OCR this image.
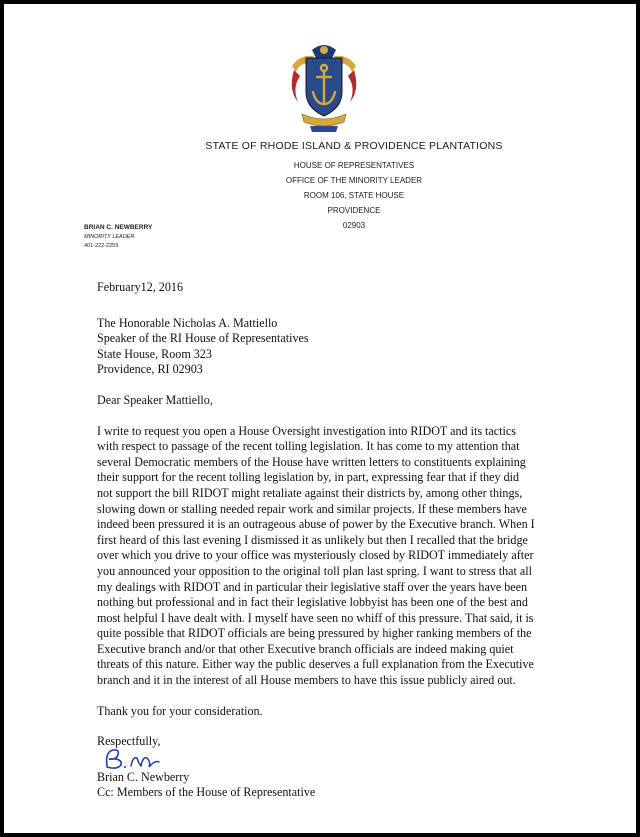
STATE OF RHODE ISLAND & PROVIDENCE PLANTATIONS
HOUSE OF REPRESENTATIVES
OFFICE OF THE MINORITY LEADER
ROOM 106, STATE HOUSE
PROVIDENCE
02903
BRIAN C. NEWBERRY
MINORITY LEADER
401-222-2259
February12, 2016
The Honorable Nicholas A. Mattiello
Speaker of the RI House of Representatives
State House, Room 323
Providence, RI 02903
Dear Speaker Mattiello,
I write to request you open a House Oversight investigation into RIDOT and its tactics with respect to passage of the recent tolling legislation. It has come to my attention that several Democratic members of the House have written letters to constituents explaining their support for the recent tolling legislation by, in part, expressing fear that if they did not support the bill RIDOT might retaliate against their districts by, among other things, slowing down or stalling needed repair work and similar projects. If these members have indeed been pressured it is an outrageous abuse of power by the Executive branch. When I first heard of this last evening I dismissed it as unlikely but then I recalled that the bridge over which you drive to your office was mysteriously closed by RIDOT immediately after you announced your opposition to the original toll plan last spring. I want to stress that all my dealings with RIDOT and in particular their legislative staff over the years have been nothing but professional and in fact their legislative lobbyist has been one of the best and most helpful I have dealt with. I myself have seen no whiff of this pressure. That said, it is quite possible that RIDOT officials are being pressured by higher ranking members of the Executive branch and/or that other Executive branch officials are indeed making quiet threats of this nature. Either way the public deserves a full explanation from the Executive branch and it in the interest of all House members to have this issue publicly aired out.
Thank you for your consideration.
Respectfully,
Brian C. Newberry
Cc: Members of the House of Representative
